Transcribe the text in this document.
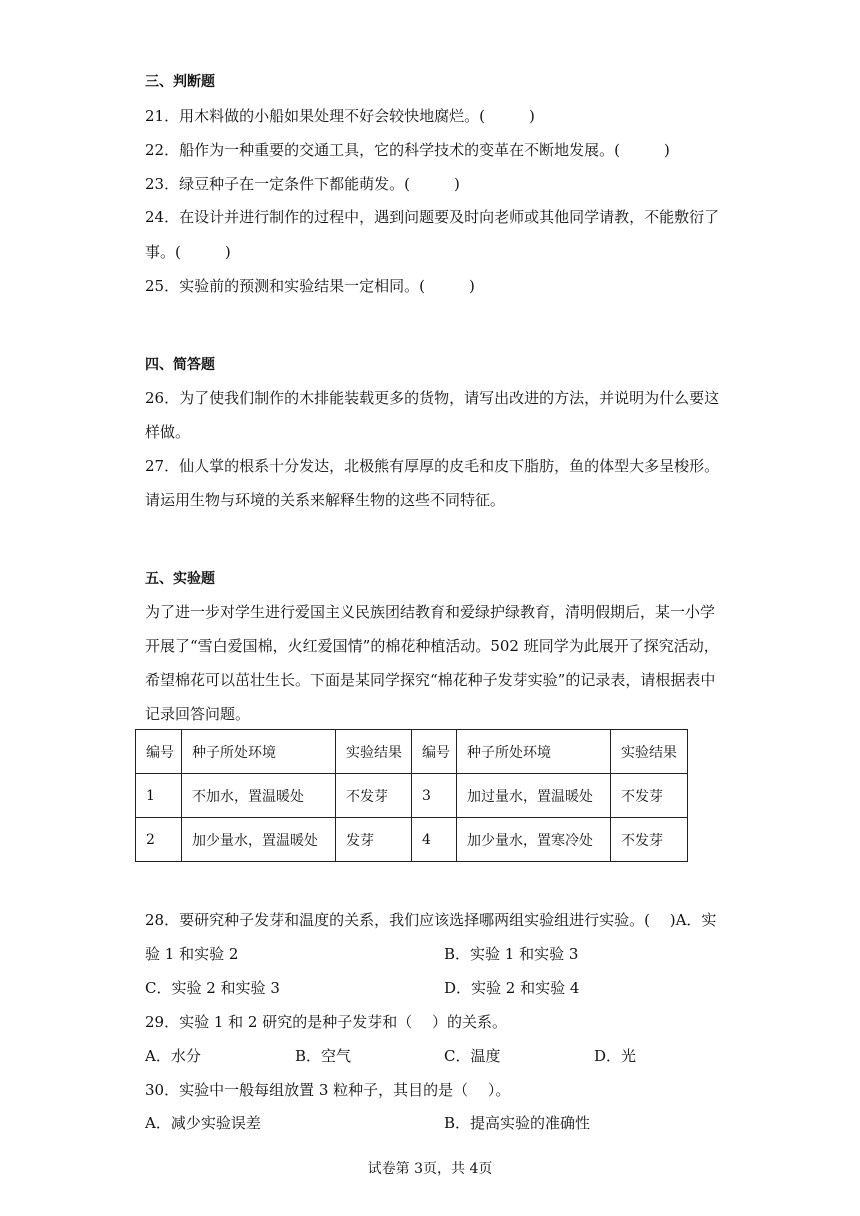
三、判断题
21．用木料做的小船如果处理不好会较快地腐烂。(	)
22．船作为一种重要的交通工具，它的科学技术的变革在不断地发展。(	)
23．绿豆种子在一定条件下都能萌发。(	)
24．在设计并进行制作的过程中，遇到问题要及时向老师或其他同学请教，不能敷衍了
事。(	)
25．实验前的预测和实验结果一定相同。(	)
四、简答题
26．为了使我们制作的木排能装载更多的货物，请写出改进的方法，并说明为什么要这
样做。
27．仙人掌的根系十分发达，北极熊有厚厚的皮毛和皮下脂肪，鱼的体型大多呈梭形。
请运用生物与环境的关系来解释生物的这些不同特征。
五、实验题
为了进一步对学生进行爱国主义民族团结教育和爱绿护绿教育，清明假期后，某一小学
开展了“雪白爱国棉，火红爱国情”的棉花种植活动。502 班同学为此展开了探究活动，
希望棉花可以茁壮生长。下面是某同学探究“棉花种子发芽实验”的记录表，请根据表中
记录回答问题。
编号	种子所处环境	实验结果	编号	种子所处环境	实验结果
1	不加水，置温暖处	不发芽	3	加过量水，置温暖处	不发芽
2	加少量水，置温暖处	发芽	4	加少量水，置寒冷处	不发芽
28．要研究种子发芽和温度的关系，我们应该选择哪两组实验组进行实验。(　 )A．实
验 1 和实验 2	B．实验 1 和实验 3
C．实验 2 和实验 3	D．实验 2 和实验 4
29．实验 1 和 2 研究的是种子发芽和（　 ）的关系。
A．水分	B．空气	C．温度	D．光
30．实验中一般每组放置 3 粒种子，其目的是（　 ）。
A．减少实验误差	B．提高实验的准确性
试卷第 3页，共 4页
